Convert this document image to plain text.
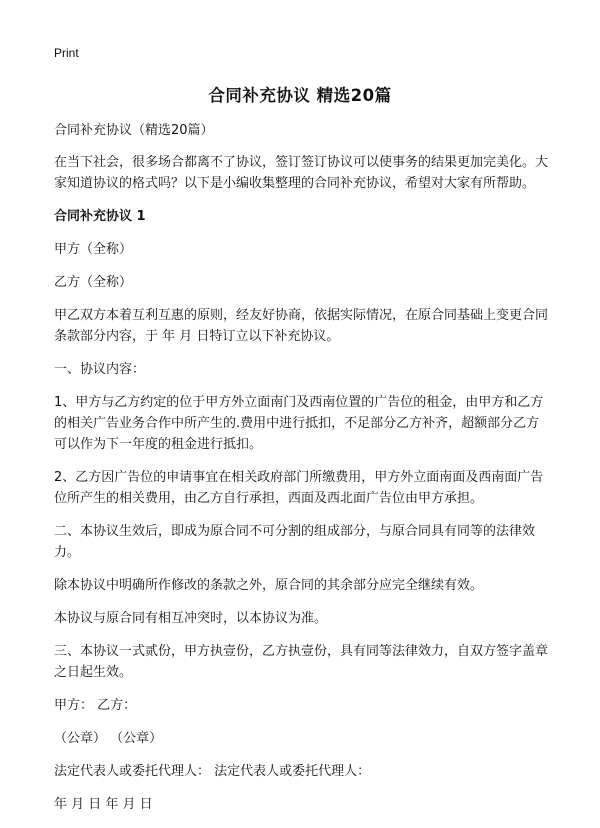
Print
合同补充协议 精选20篇

合同补充协议（精选20篇）

在当下社会，很多场合都离不了协议，签订签订协议可以使事务的结果更加完美化。大家知道协议的格式吗？以下是小编收集整理的合同补充协议，希望对大家有所帮助。

合同补充协议 1

甲方（全称）

乙方（全称）

甲乙双方本着互利互惠的原则，经友好协商，依据实际情况，在原合同基础上变更合同条款部分内容，于 年 月 日特订立以下补充协议。

一、协议内容：

1、甲方与乙方约定的位于甲方外立面南门及西南位置的广告位的租金，由甲方和乙方的相关广告业务合作中所产生的.费用中进行抵扣，不足部分乙方补齐，超额部分乙方可以作为下一年度的租金进行抵扣。

2、乙方因广告位的申请事宜在相关政府部门所缴费用，甲方外立面南面及西南面广告位所产生的相关费用，由乙方自行承担，西面及西北面广告位由甲方承担。

二、本协议生效后，即成为原合同不可分割的组成部分，与原合同具有同等的法律效力。

除本协议中明确所作修改的条款之外，原合同的其余部分应完全继续有效。

本协议与原合同有相互冲突时，以本协议为准。

三、本协议一式贰份，甲方执壹份，乙方执壹份，具有同等法律效力，自双方签字盖章之日起生效。

甲方： 乙方：

（公章） （公章）

法定代表人或委托代理人： 法定代表人或委托代理人：

年 月 日 年 月 日
